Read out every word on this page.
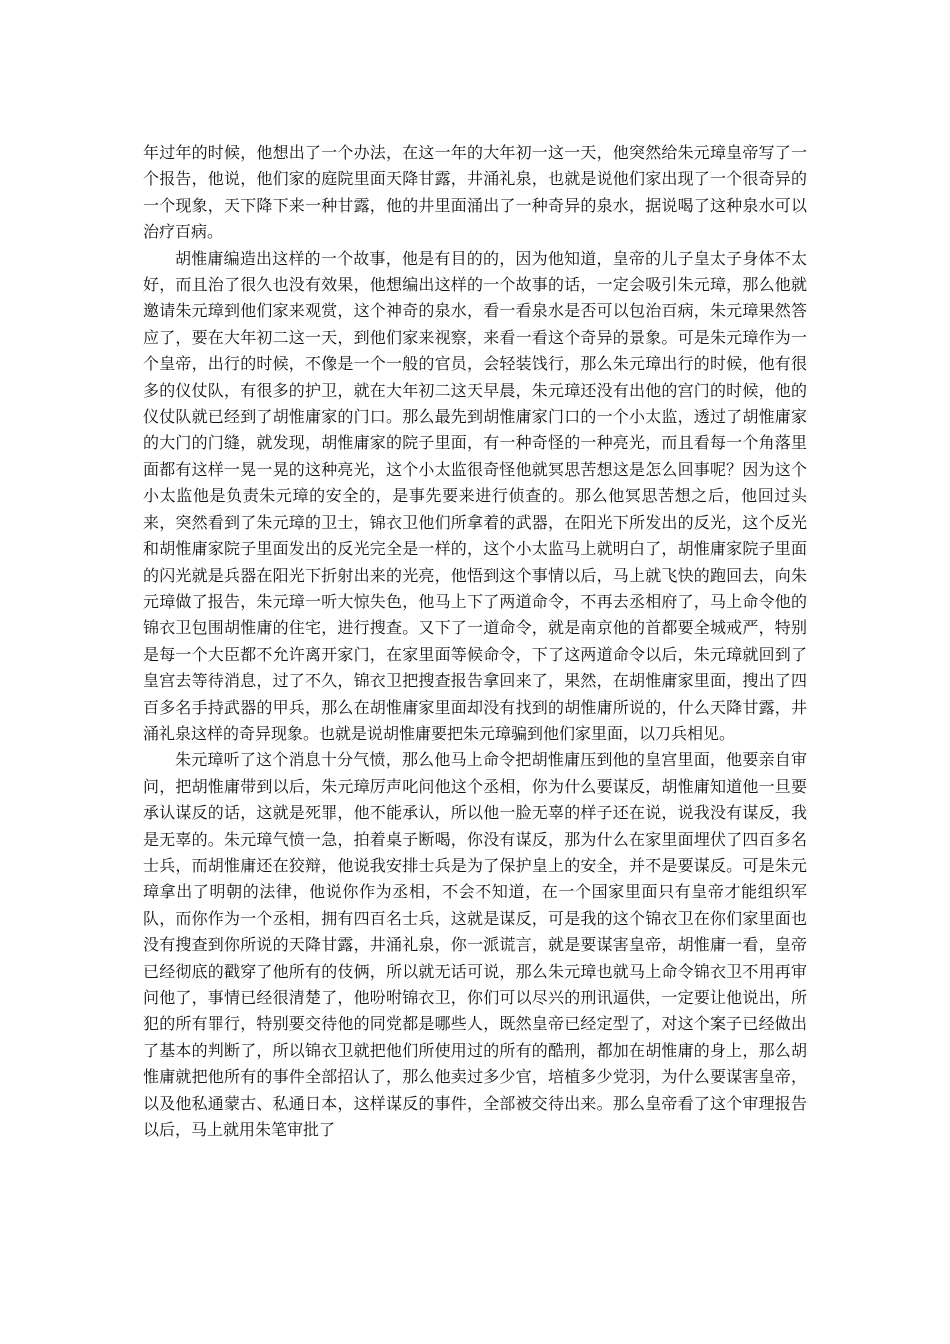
年过年的时候，他想出了一个办法，在这一年的大年初一这一天，他突然给朱元璋皇帝写了一个报告，他说，他们家的庭院里面天降甘露，井涌礼泉，也就是说他们家出现了一个很奇异的一个现象，天下降下来一种甘露，他的井里面涌出了一种奇异的泉水，据说喝了这种泉水可以治疗百病。

胡惟庸编造出这样的一个故事，他是有目的的，因为他知道，皇帝的儿子皇太子身体不太好，而且治了很久也没有效果，他想编出这样的一个故事的话，一定会吸引朱元璋，那么他就邀请朱元璋到他们家来观赏，这个神奇的泉水，看一看泉水是否可以包治百病，朱元璋果然答应了，要在大年初二这一天，到他们家来视察，来看一看这个奇异的景象。可是朱元璋作为一个皇帝，出行的时候，不像是一个一般的官员，会轻装饯行，那么朱元璋出行的时候，他有很多的仪仗队，有很多的护卫，就在大年初二这天早晨，朱元璋还没有出他的宫门的时候，他的仪仗队就已经到了胡惟庸家的门口。那么最先到胡惟庸家门口的一个小太监，透过了胡惟庸家的大门的门缝，就发现，胡惟庸家的院子里面，有一种奇怪的一种亮光，而且看每一个角落里面都有这样一晃一晃的这种亮光，这个小太监很奇怪他就冥思苦想这是怎么回事呢？因为这个小太监他是负责朱元璋的安全的，是事先要来进行侦查的。那么他冥思苦想之后，他回过头来，突然看到了朱元璋的卫士，锦衣卫他们所拿着的武器，在阳光下所发出的反光，这个反光和胡惟庸家院子里面发出的反光完全是一样的，这个小太监马上就明白了，胡惟庸家院子里面的闪光就是兵器在阳光下折射出来的光亮，他悟到这个事情以后，马上就飞快的跑回去，向朱元璋做了报告，朱元璋一听大惊失色，他马上下了两道命令，不再去丞相府了，马上命令他的锦衣卫包围胡惟庸的住宅，进行搜查。又下了一道命令，就是南京他的首都要全城戒严，特别是每一个大臣都不允许离开家门，在家里面等候命令，下了这两道命令以后，朱元璋就回到了皇宫去等待消息，过了不久，锦衣卫把搜查报告拿回来了，果然，在胡惟庸家里面，搜出了四百多名手持武器的甲兵，那么在胡惟庸家里面却没有找到的胡惟庸所说的，什么天降甘露，井涌礼泉这样的奇异现象。也就是说胡惟庸要把朱元璋骗到他们家里面，以刀兵相见。

朱元璋听了这个消息十分气愤，那么他马上命令把胡惟庸压到他的皇宫里面，他要亲自审问，把胡惟庸带到以后，朱元璋厉声叱问他这个丞相，你为什么要谋反，胡惟庸知道他一旦要承认谋反的话，这就是死罪，他不能承认，所以他一脸无辜的样子还在说，说我没有谋反，我是无辜的。朱元璋气愤一急，拍着桌子断喝，你没有谋反，那为什么在家里面埋伏了四百多名士兵，而胡惟庸还在狡辩，他说我安排士兵是为了保护皇上的安全，并不是要谋反。可是朱元璋拿出了明朝的法律，他说你作为丞相，不会不知道，在一个国家里面只有皇帝才能组织军队，而你作为一个丞相，拥有四百名士兵，这就是谋反，可是我的这个锦衣卫在你们家里面也没有搜查到你所说的天降甘露，井涌礼泉，你一派谎言，就是要谋害皇帝，胡惟庸一看，皇帝已经彻底的戳穿了他所有的伎俩，所以就无话可说，那么朱元璋也就马上命令锦衣卫不用再审问他了，事情已经很清楚了，他吩咐锦衣卫，你们可以尽兴的刑讯逼供，一定要让他说出，所犯的所有罪行，特别要交待他的同党都是哪些人，既然皇帝已经定型了，对这个案子已经做出了基本的判断了，所以锦衣卫就把他们所使用过的所有的酷刑，都加在胡惟庸的身上，那么胡惟庸就把他所有的事件全部招认了，那么他卖过多少官，培植多少党羽，为什么要谋害皇帝，以及他私通蒙古、私通日本，这样谋反的事件，全部被交待出来。那么皇帝看了这个审理报告以后，马上就用朱笔审批了
